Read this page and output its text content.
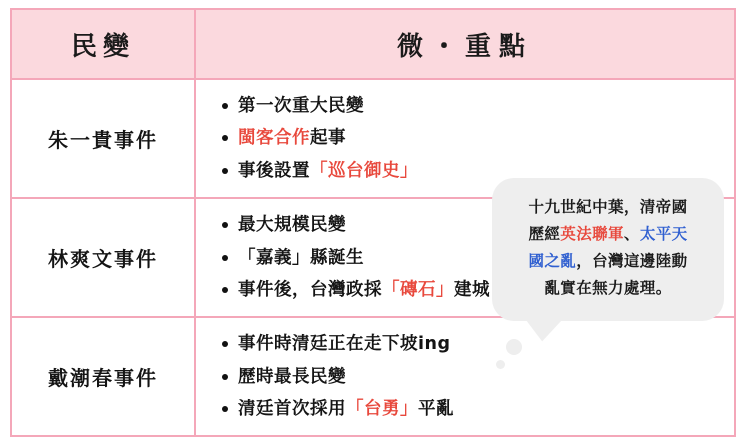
民變	微・重點
朱一貴事件	
第一次重大民變
閩客合作起事
事後設置「巡台御史」

林爽文事件	
最大規模民變
「嘉義」縣誕生
事件後，台灣政採「磚石」建城

戴潮春事件	
事件時清廷正在走下坡ing
歷時最長民變
清廷首次採用「台勇」平亂

十九世紀中葉，清帝國

歷經英法聯軍、太平天

國之亂，台灣這邊陸動

亂實在無力處理。
